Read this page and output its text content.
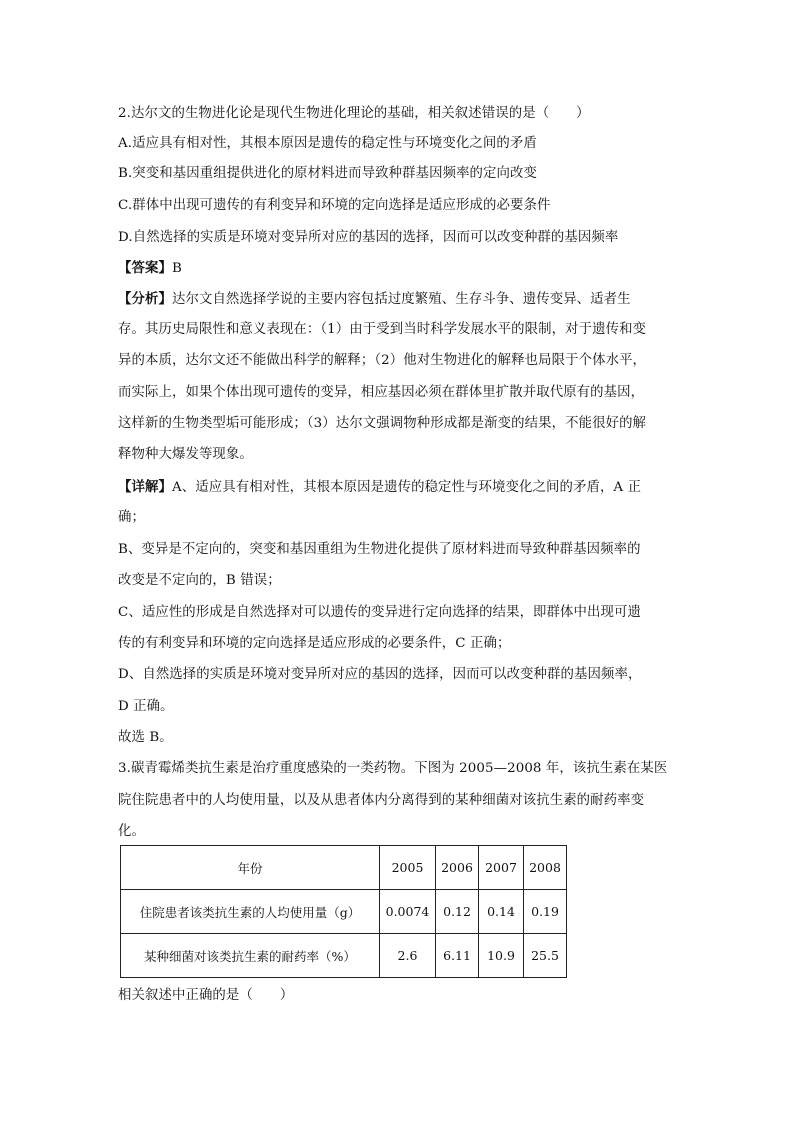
2.达尔文的生物进化论是现代生物进化理论的基础，相关叙述错误的是（　　）
A.适应具有相对性，其根本原因是遗传的稳定性与环境变化之间的矛盾
B.突变和基因重组提供进化的原材料进而导致种群基因频率的定向改变
C.群体中出现可遗传的有利变异和环境的定向选择是适应形成的必要条件
D.自然选择的实质是环境对变异所对应的基因的选择，因而可以改变种群的基因频率
【答案】B
【分析】达尔文自然选择学说的主要内容包括过度繁殖、生存斗争、遗传变异、适者生
存。其历史局限性和意义表现在：（1）由于受到当时科学发展水平的限制，对于遗传和变
异的本质，达尔文还不能做出科学的解释；（2）他对生物进化的解释也局限于个体水平，
而实际上，如果个体出现可遗传的变异，相应基因必须在群体里扩散并取代原有的基因，
这样新的生物类型垢可能形成；（3）达尔文强调物种形成都是渐变的结果，不能很好的解
释物种大爆发等现象。
【详解】A、适应具有相对性，其根本原因是遗传的稳定性与环境变化之间的矛盾，A 正
确；
B、变异是不定向的，突变和基因重组为生物进化提供了原材料进而导致种群基因频率的
改变是不定向的，B 错误；
C、适应性的形成是自然选择对可以遗传的变异进行定向选择的结果，即群体中出现可遗
传的有利变异和环境的定向选择是适应形成的必要条件，C 正确；
D、自然选择的实质是环境对变异所对应的基因的选择，因而可以改变种群的基因频率，
D 正确。
故选 B。
3.碳青霉烯类抗生素是治疗重度感染的一类药物。下图为 2005—2008 年，该抗生素在某医
院住院患者中的人均使用量，以及从患者体内分离得到的某种细菌对该抗生素的耐药率变
化。
年份	2005	2006	2007	2008
住院患者该类抗生素的人均使用量（g）	0.0074	0.12	0.14	0.19
某种细菌对该类抗生素的耐药率（%）	2.6	6.11	10.9	25.5
相关叙述中正确的是（　　）
